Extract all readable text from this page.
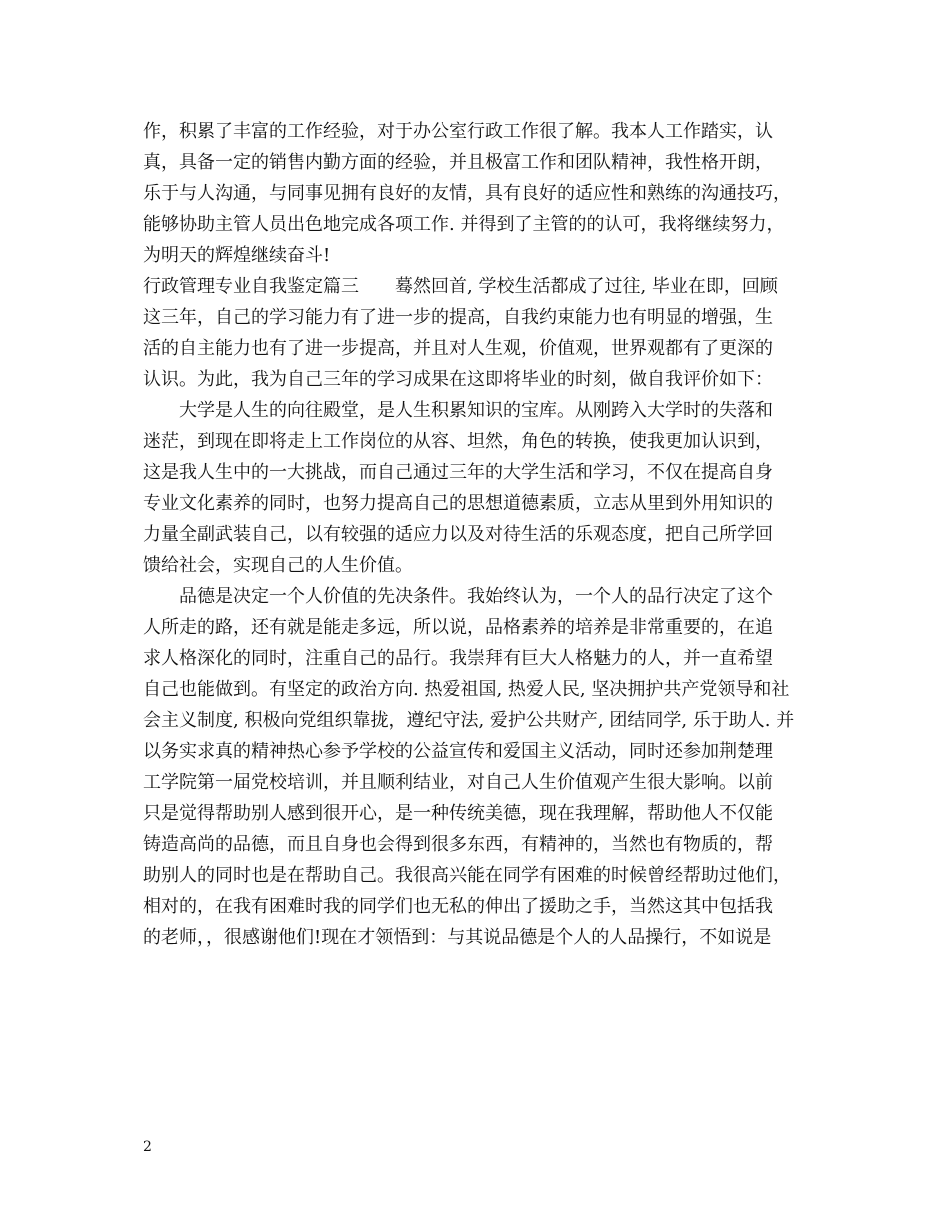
作，积累了丰富的工作经验，对于办公室行政工作很了解。我本人工作踏实，认
真，具备一定的销售内勤方面的经验，并且极富工作和团队精神，我性格开朗，
乐于与人沟通，与同事见拥有良好的友情，具有良好的适应性和熟练的沟通技巧，
能够协助主管人员出色地完成各项工作. 并得到了主管的的认可，我将继续努力，
为明天的辉煌继续奋斗!
行政管理专业自我鉴定篇三　　蓦然回首, 学校生活都成了过往, 毕业在即，回顾
这三年，自己的学习能力有了进一步的提高，自我约束能力也有明显的增强，生
活的自主能力也有了进一步提高，并且对人生观，价值观，世界观都有了更深的
认识。为此，我为自己三年的学习成果在这即将毕业的时刻，做自我评价如下：
大学是人生的向往殿堂，是人生积累知识的宝库。从刚跨入大学时的失落和
迷茫，到现在即将走上工作岗位的从容、坦然，角色的转换，使我更加认识到，
这是我人生中的一大挑战，而自己通过三年的大学生活和学习，不仅在提高自身
专业文化素养的同时，也努力提高自己的思想道德素质，立志从里到外用知识的
力量全副武装自己，以有较强的适应力以及对待生活的乐观态度，把自己所学回
馈给社会，实现自己的人生价值。
品德是决定一个人价值的先决条件。我始终认为，一个人的品行决定了这个
人所走的路，还有就是能走多远，所以说，品格素养的培养是非常重要的，在追
求人格深化的同时，注重自己的品行。我崇拜有巨大人格魅力的人，并一直希望
自己也能做到。有坚定的政治方向. 热爱祖国, 热爱人民, 坚决拥护共产党领导和社
会主义制度, 积极向党组织靠拢，遵纪守法, 爱护公共财产, 团结同学, 乐于助人. 并
以务实求真的精神热心参予学校的公益宣传和爱国主义活动，同时还参加荆楚理
工学院第一届党校培训，并且顺利结业，对自己人生价值观产生很大影响。以前
只是觉得帮助别人感到很开心，是一种传统美德，现在我理解，帮助他人不仅能
铸造高尚的品德，而且自身也会得到很多东西，有精神的，当然也有物质的，帮
助别人的同时也是在帮助自己。我很高兴能在同学有困难的时候曾经帮助过他们，
相对的，在我有困难时我的同学们也无私的伸出了援助之手，当然这其中包括我
的老师，，很感谢他们!现在才领悟到：与其说品德是个人的人品操行，不如说是
2
